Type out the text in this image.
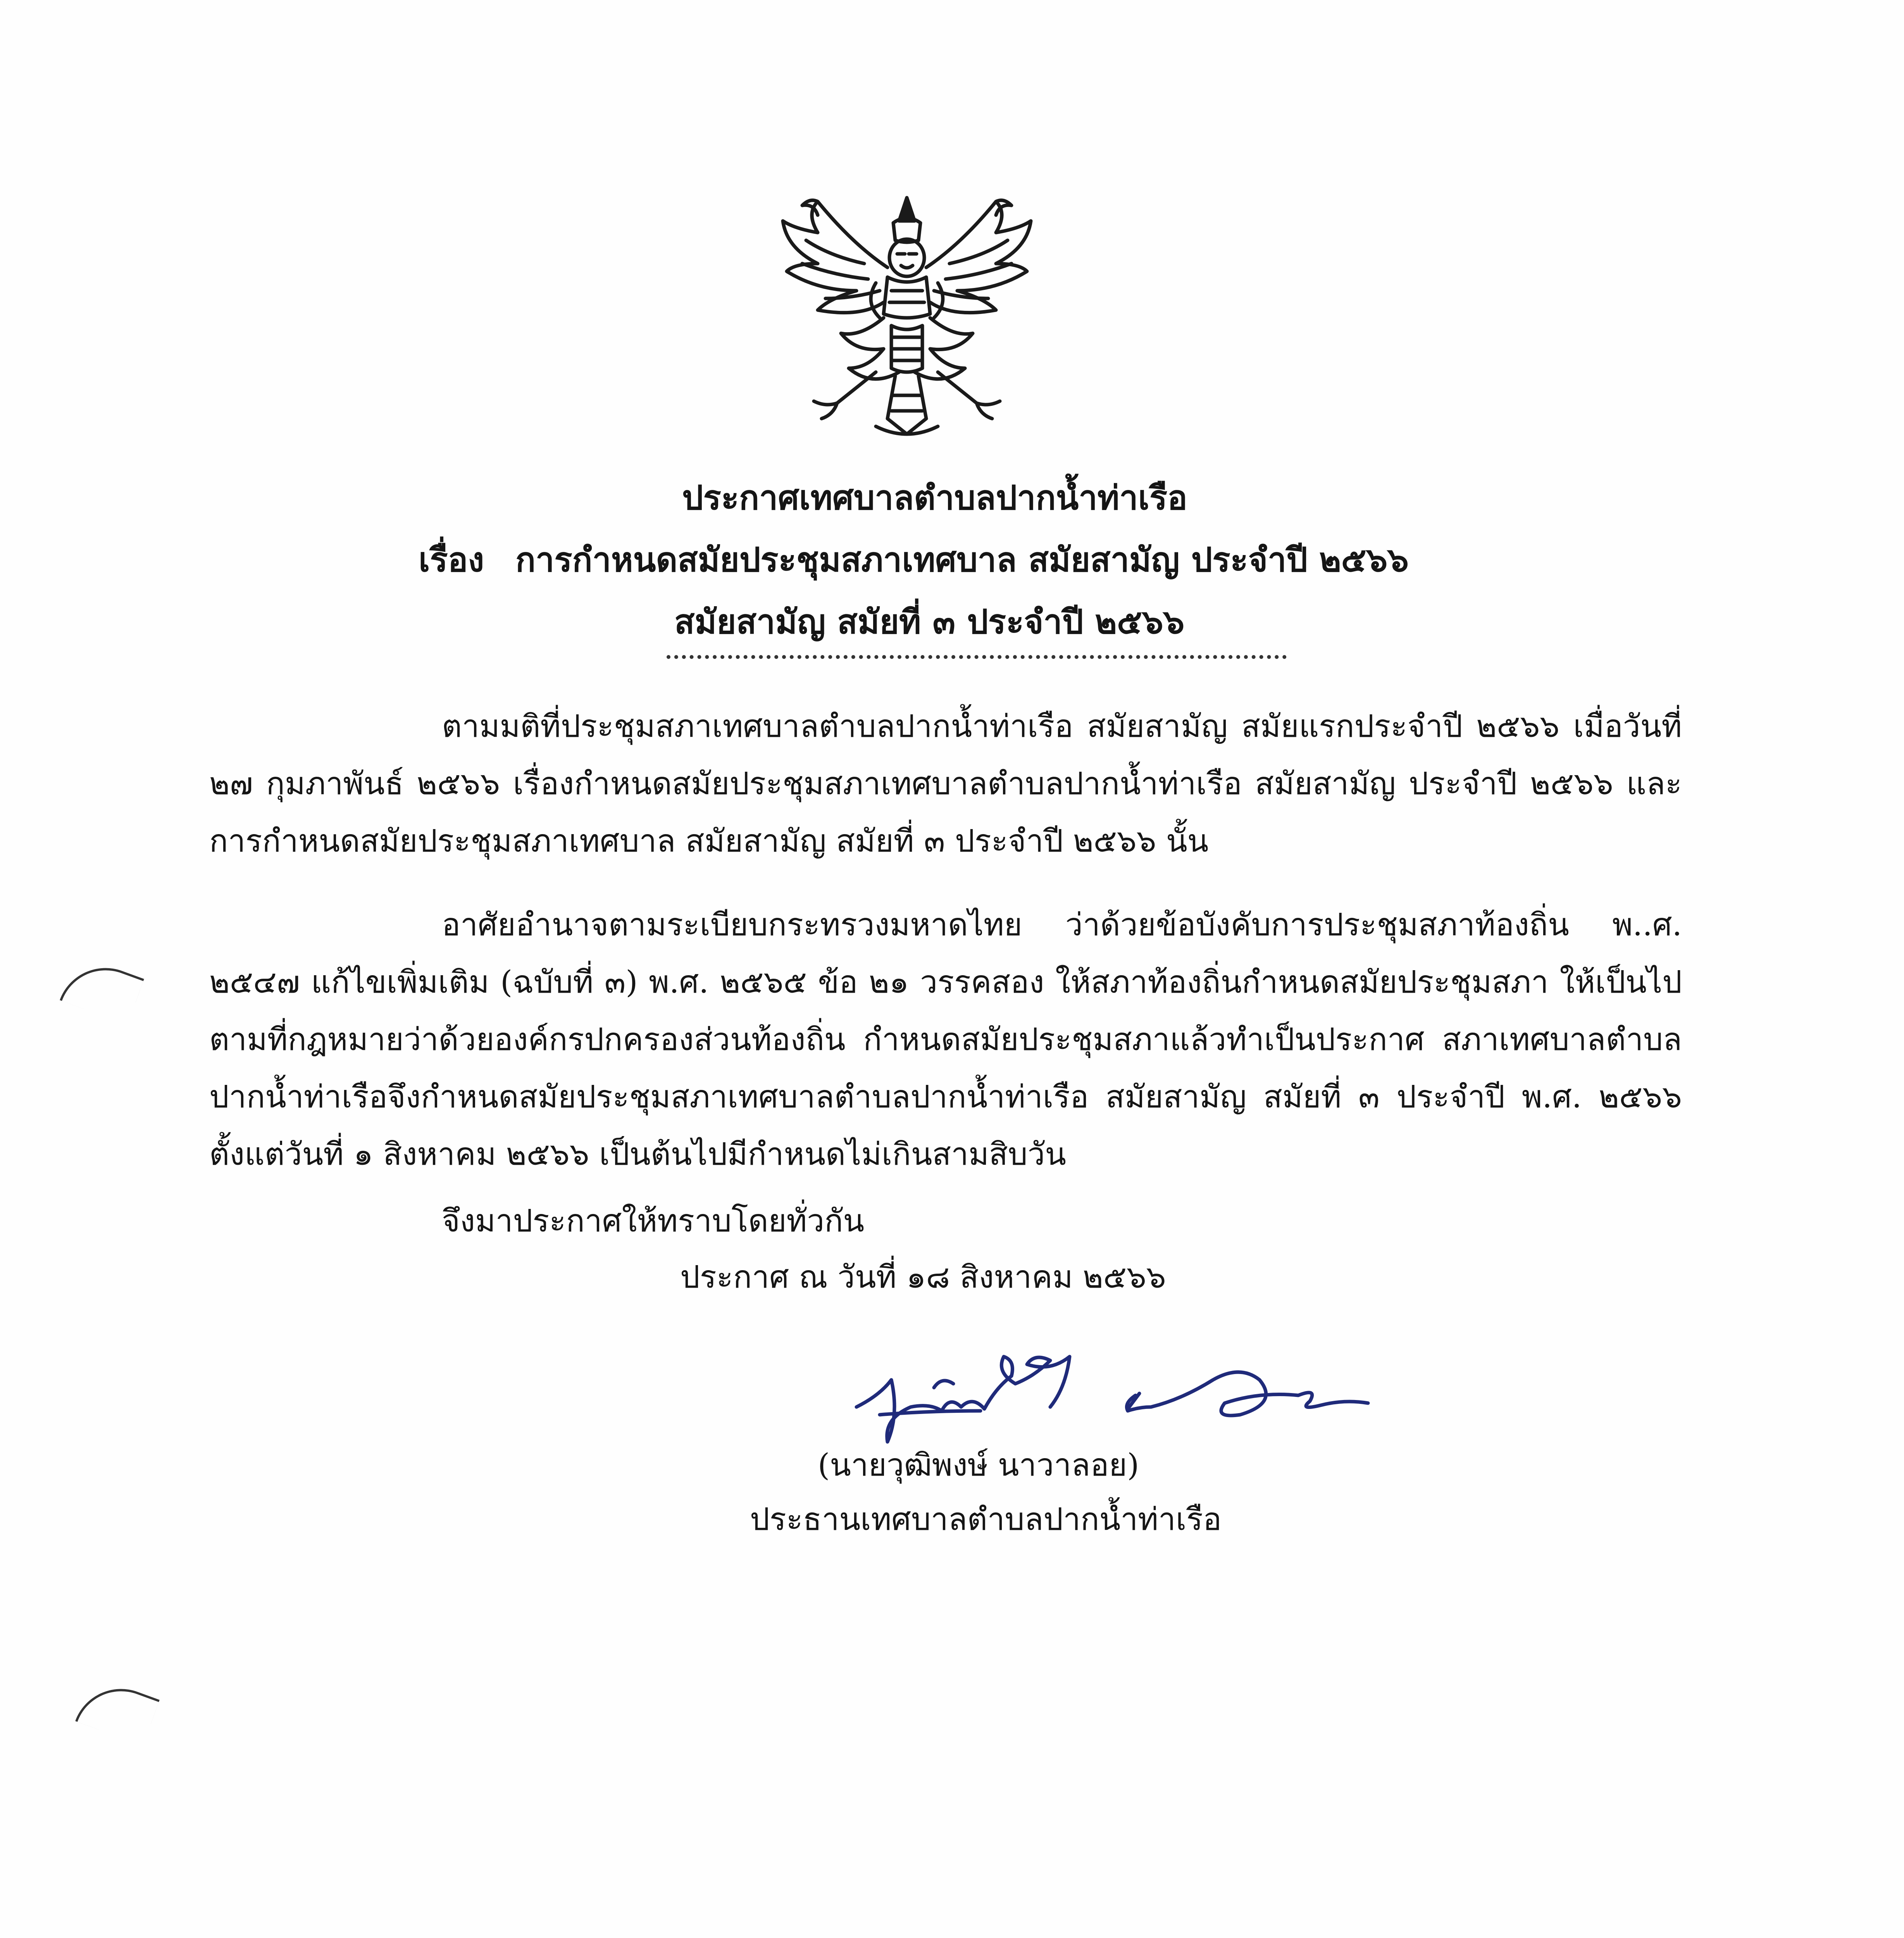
ประกาศเทศบาลตำบลปากน้ำท่าเรือ
เรื่อง การกำหนดสมัยประชุมสภาเทศบาล สมัยสามัญ ประจำปี ๒๕๖๖
สมัยสามัญ สมัยที่ ๓ ประจำปี ๒๕๖๖

ตามมติที่ประชุมสภาเทศบาลตำบลปากน้ำท่าเรือ สมัยสามัญ สมัยแรกประจำปี ๒๕๖๖ เมื่อวันที่ ๒๗ กุมภาพันธ์ ๒๕๖๖ เรื่องกำหนดสมัยประชุมสภาเทศบาลตำบลปากน้ำท่าเรือ สมัยสามัญ ประจำปี ๒๕๖๖ และการกำหนดสมัยประชุมสภาเทศบาล สมัยสามัญ สมัยที่ ๓ ประจำปี ๒๕๖๖ นั้น

อาศัยอำนาจตามระเบียบกระทรวงมหาดไทย ว่าด้วยข้อบังคับการประชุมสภาท้องถิ่น พ..ศ. ๒๕๔๗ แก้ไขเพิ่มเติม (ฉบับที่ ๓) พ.ศ. ๒๕๖๕ ข้อ ๒๑ วรรคสอง ให้สภาท้องถิ่นกำหนดสมัยประชุมสภา ให้เป็นไปตามที่กฎหมายว่าด้วยองค์กรปกครองส่วนท้องถิ่น กำหนดสมัยประชุมสภาแล้วทำเป็นประกาศ สภาเทศบาลตำบลปากน้ำท่าเรือจึงกำหนดสมัยประชุมสภาเทศบาลตำบลปากน้ำท่าเรือ สมัยสามัญ สมัยที่ ๓ ประจำปี พ.ศ. ๒๕๖๖ ตั้งแต่วันที่ ๑ สิงหาคม ๒๕๖๖ เป็นต้นไปมีกำหนดไม่เกินสามสิบวัน

จึงมาประกาศให้ทราบโดยทั่วกัน
ประกาศ ณ วันที่ ๑๘ สิงหาคม ๒๕๖๖
(นายวุฒิพงษ์ นาวาลอย)
ประธานเทศบาลตำบลปากน้ำท่าเรือ
